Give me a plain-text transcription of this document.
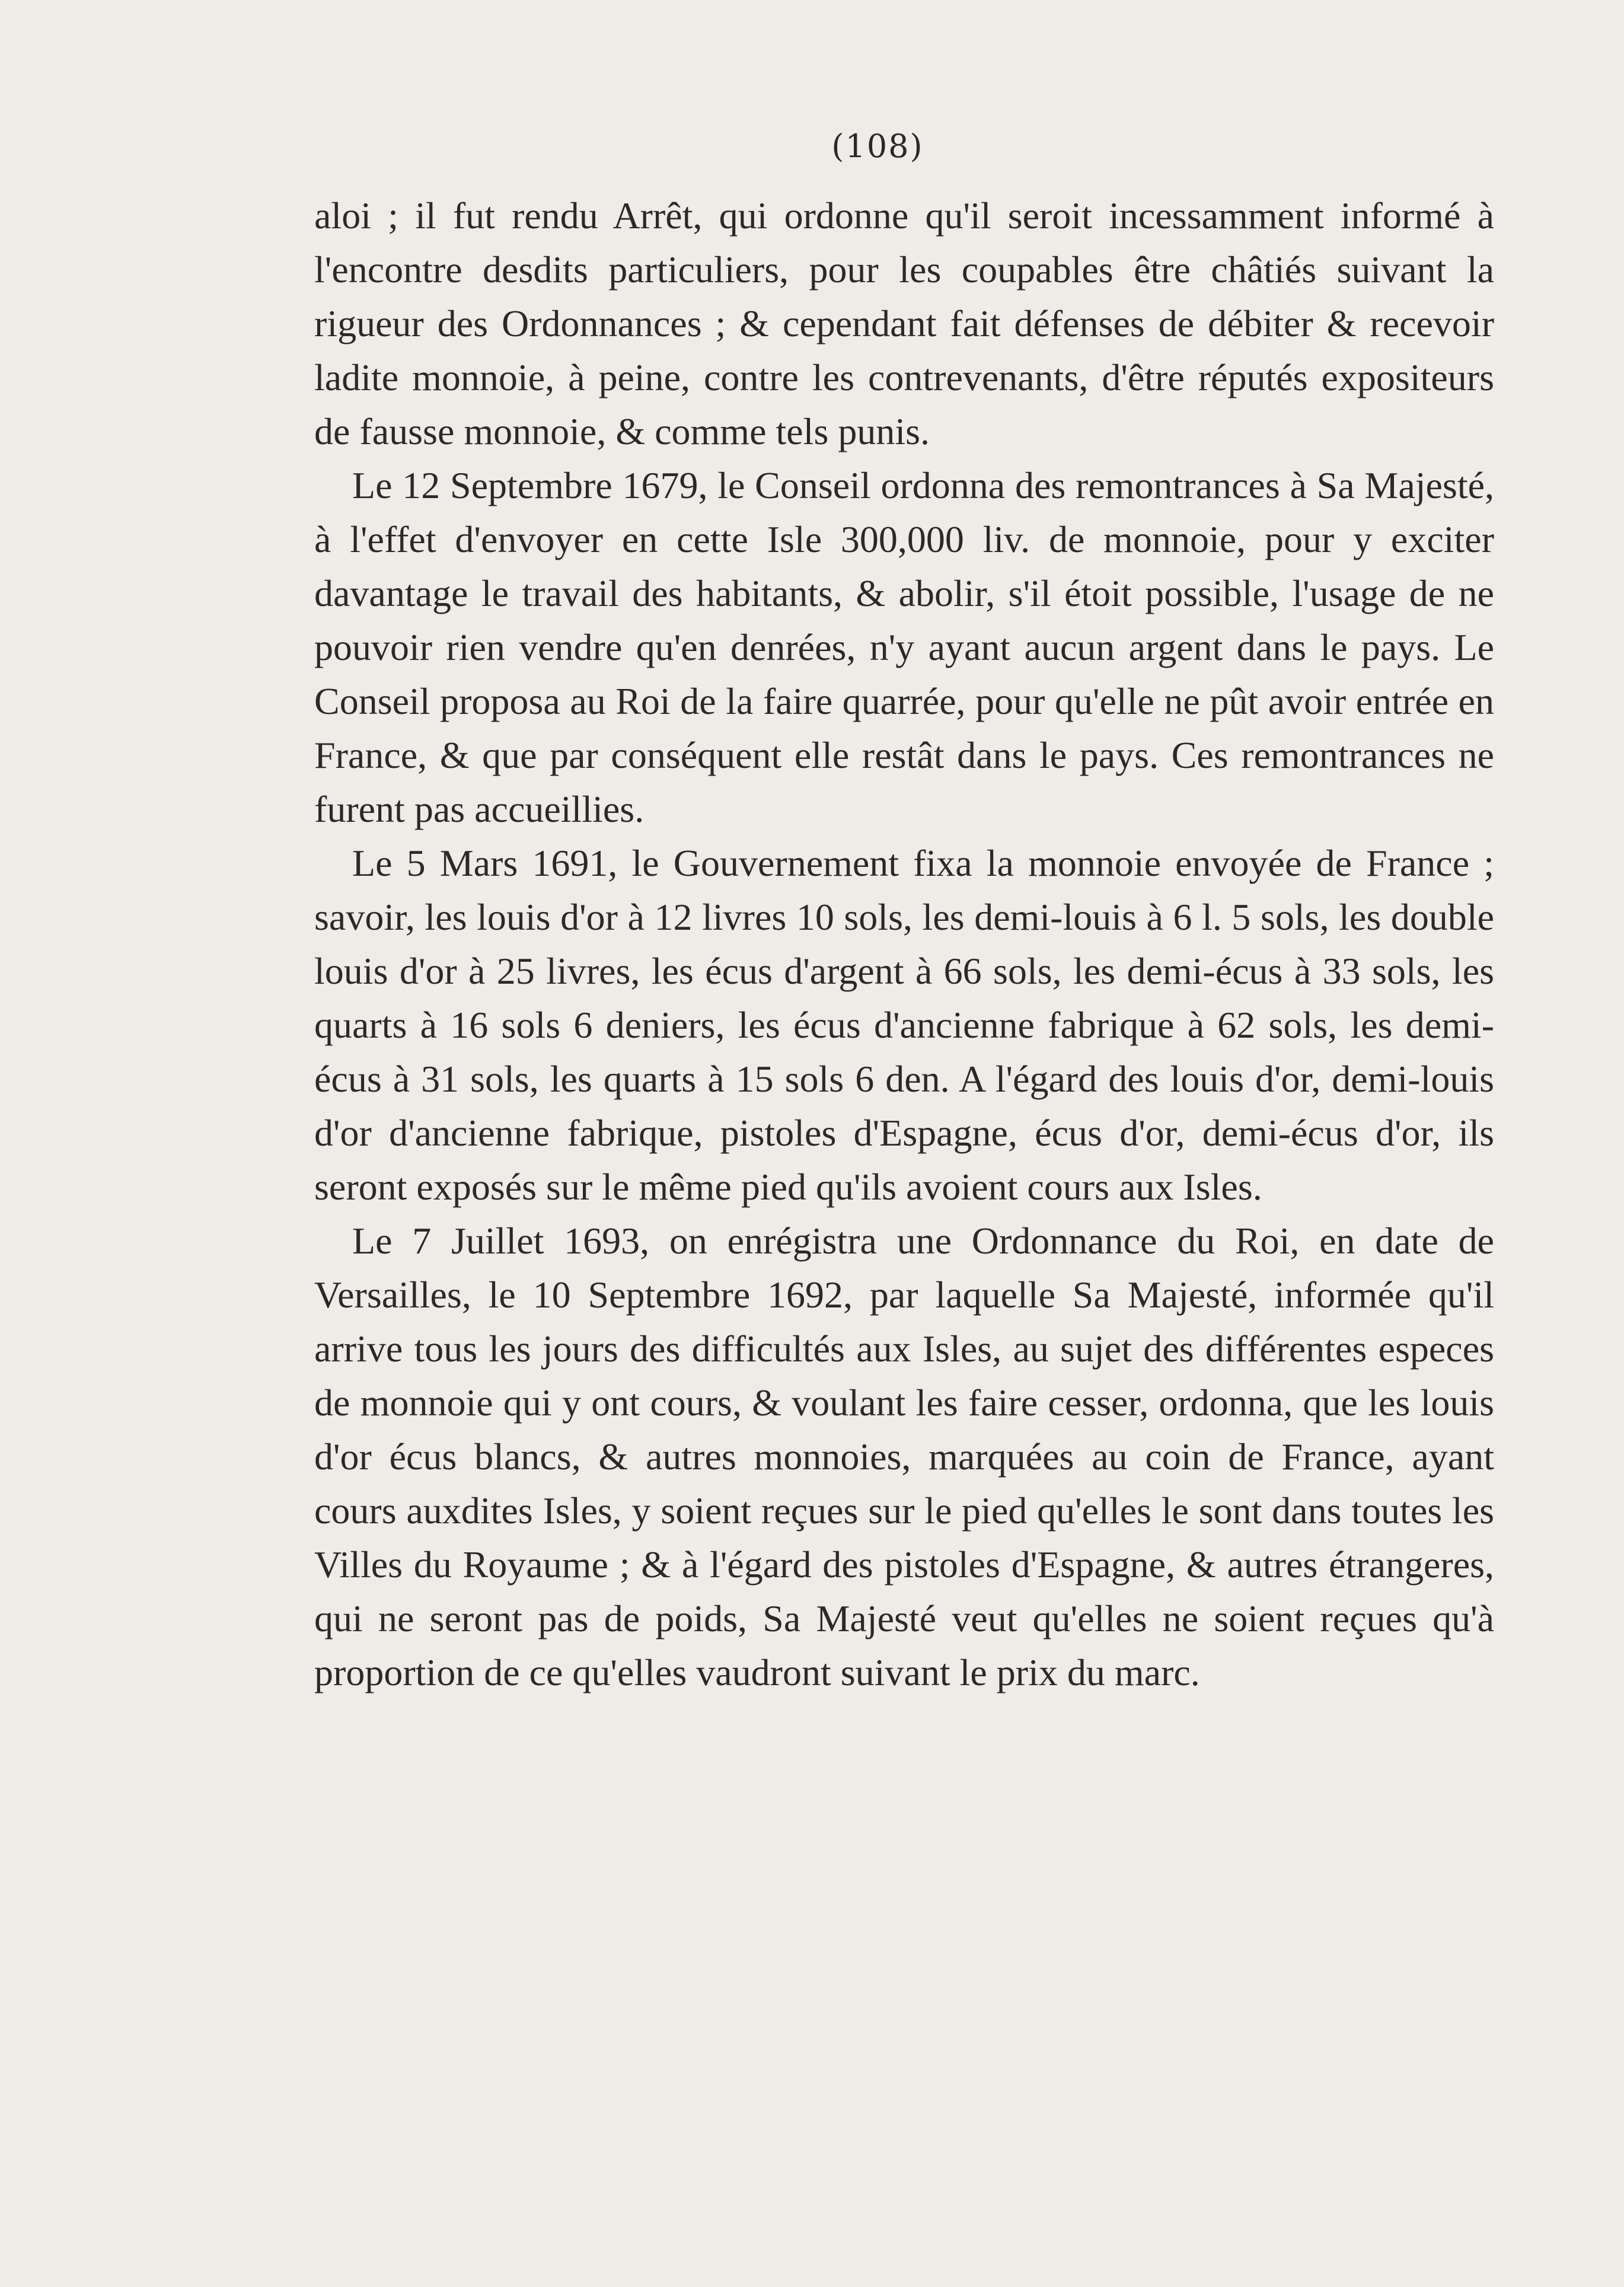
(108)

aloi ; il fut rendu Arrêt, qui ordonne qu'il seroit incessamment informé à l'encontre desdits particuliers, pour les coupables être châtiés suivant la rigueur des Ordonnances ; & cependant fait défenses de débiter & recevoir ladite monnoie, à peine, contre les contrevenants, d'être réputés expositeurs de fausse monnoie, & comme tels punis.

Le 12 Septembre 1679, le Conseil ordonna des remontrances à Sa Majesté, à l'effet d'envoyer en cette Isle 300,000 liv. de monnoie, pour y exciter davantage le travail des habitants, & abolir, s'il étoit possible, l'usage de ne pouvoir rien vendre qu'en denrées, n'y ayant aucun argent dans le pays. Le Conseil proposa au Roi de la faire quarrée, pour qu'elle ne pût avoir entrée en France, & que par conséquent elle restât dans le pays. Ces remontrances ne furent pas accueillies.

Le 5 Mars 1691, le Gouvernement fixa la monnoie envoyée de France ; savoir, les louis d'or à 12 livres 10 sols, les demi-louis à 6 l. 5 sols, les double louis d'or à 25 livres, les écus d'argent à 66 sols, les demi-écus à 33 sols, les quarts à 16 sols 6 deniers, les écus d'ancienne fabrique à 62 sols, les demi-écus à 31 sols, les quarts à 15 sols 6 den. A l'égard des louis d'or, demi-louis d'or d'ancienne fabrique, pistoles d'Espagne, écus d'or, demi-écus d'or, ils seront exposés sur le même pied qu'ils avoient cours aux Isles.

Le 7 Juillet 1693, on enrégistra une Ordonnance du Roi, en date de Versailles, le 10 Septembre 1692, par laquelle Sa Majesté, informée qu'il arrive tous les jours des difficultés aux Isles, au sujet des différentes especes de monnoie qui y ont cours, & voulant les faire cesser, ordonna, que les louis d'or écus blancs, & autres monnoies, marquées au coin de France, ayant cours auxdites Isles, y soient reçues sur le pied qu'elles le sont dans toutes les Villes du Royaume ; & à l'égard des pistoles d'Espagne, & autres étrangeres, qui ne seront pas de poids, Sa Majesté veut qu'elles ne soient reçues qu'à proportion de ce qu'elles vaudront suivant le prix du marc.
